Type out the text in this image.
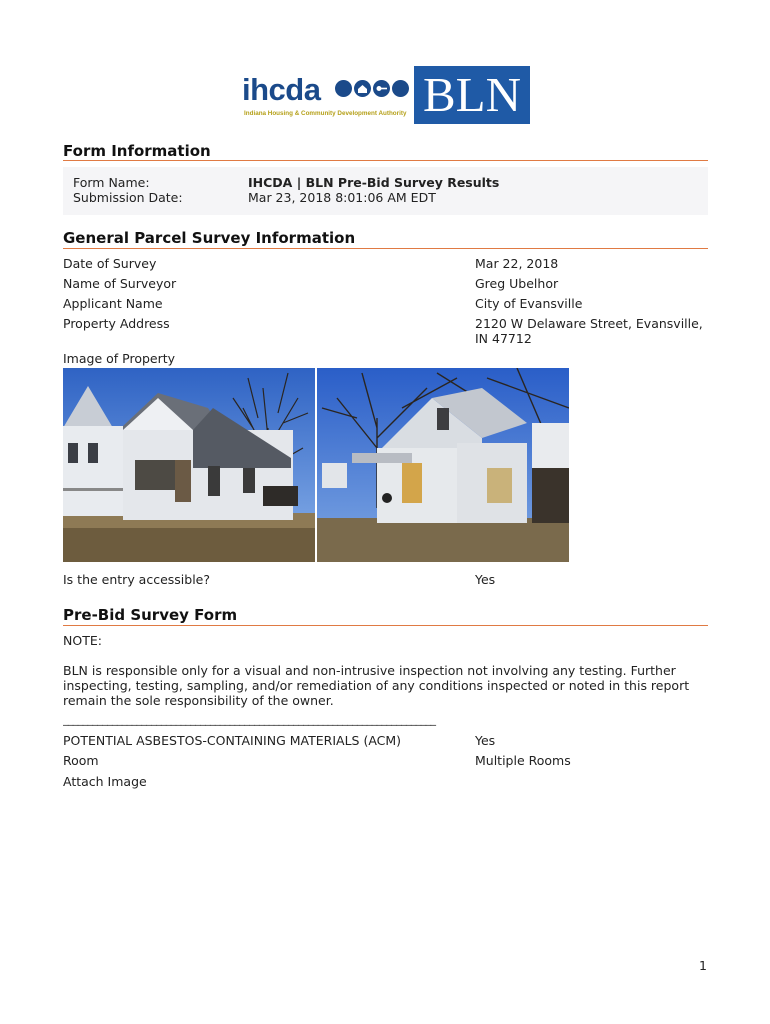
ihcda
Indiana Housing & Community Development Authority BLN
Form Information
Form Name:	IHCDA | BLN Pre-Bid Survey Results
Submission Date:	Mar 23, 2018 8:01:06 AM EDT
General Parcel Survey Information
Date of Survey	Mar 22, 2018
Name of Surveyor	Greg Ubelhor
Applicant Name	City of Evansville
Property Address	2120 W Delaware Street, Evansville,
IN 47712
Image of Property
Is the entry accessible?	Yes
Pre-Bid Survey Form
NOTE:
BLN is responsible only for a visual and non-intrusive inspection not involving any testing. Further
inspecting, testing, sampling, and/or remediation of any conditions inspected or noted in this report
remain the sole responsibility of the owner.
____________________________________________________________________________
POTENTIAL ASBESTOS-CONTAINING MATERIALS (ACM)	Yes
Room	Multiple Rooms
Attach Image
1
